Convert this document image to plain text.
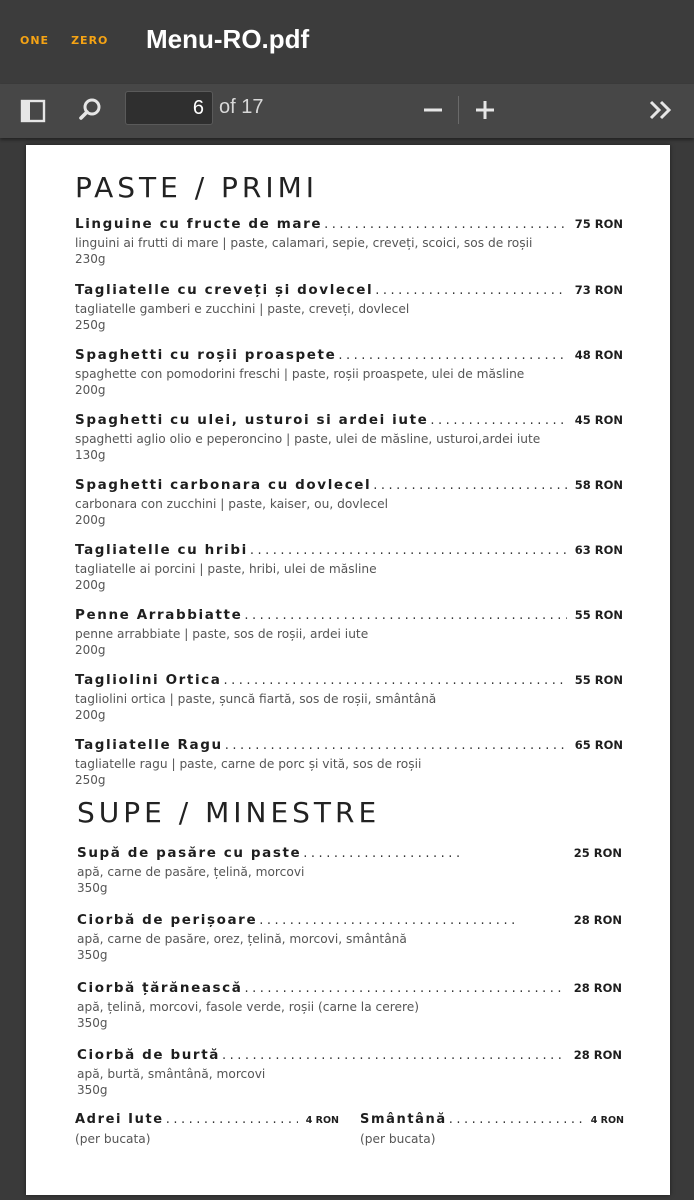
ONE ZERO Menu-RO.pdf
6 of 17
PASTE / PRIMI
Linguine cu fructe de mare .....	75 RON
linguini ai frutti di mare | paste, calamari, sepie, creveți, scoici, sos de roșii
230g
Tagliatelle cu creveți și dovlecel .....	73 RON
tagliatelle gamberi e zucchini | paste, creveți, dovlecel
250g
Spaghetti cu roșii proaspete .....	48 RON
spaghette con pomodorini freschi | paste, roșii proaspete, ulei de măsline
200g
Spaghetti cu ulei, usturoi si ardei iute .....	45 RON
spaghetti aglio olio e peperoncino | paste, ulei de măsline, usturoi,ardei iute
130g
Spaghetti carbonara cu dovlecel .....	58 RON
carbonara con zucchini | paste, kaiser, ou, dovlecel
200g
Tagliatelle cu hribi .....	63 RON
tagliatelle ai porcini | paste, hribi, ulei de măsline
200g
Penne Arrabbiatte .....	55 RON
penne arrabbiate | paste, sos de roșii, ardei iute
200g
Tagliolini Ortica .....	55 RON
tagliolini ortica | paste, șuncă fiartă, sos de roșii, smântână
200g
Tagliatelle Ragu .....	65 RON
tagliatelle ragu | paste, carne de porc și vită, sos de roșii
250g
SUPE / MINESTRE
Supă de pasăre cu paste .....	25 RON
apă, carne de pasăre, țelină, morcovi
350g
Ciorbă de perișoare .....	28 RON
apă, carne de pasăre, orez, țelină, morcovi, smântână
350g
Ciorbă țărănească .....	28 RON
apă, țelină, morcovi, fasole verde, roșii (carne la cerere)
350g
Ciorbă de burtă .....	28 RON
apă, burtă, smântână, morcovi
350g
Adrei Iute .....	4 RON
(per bucata)
Smântână .....	4 RON
(per bucata)
